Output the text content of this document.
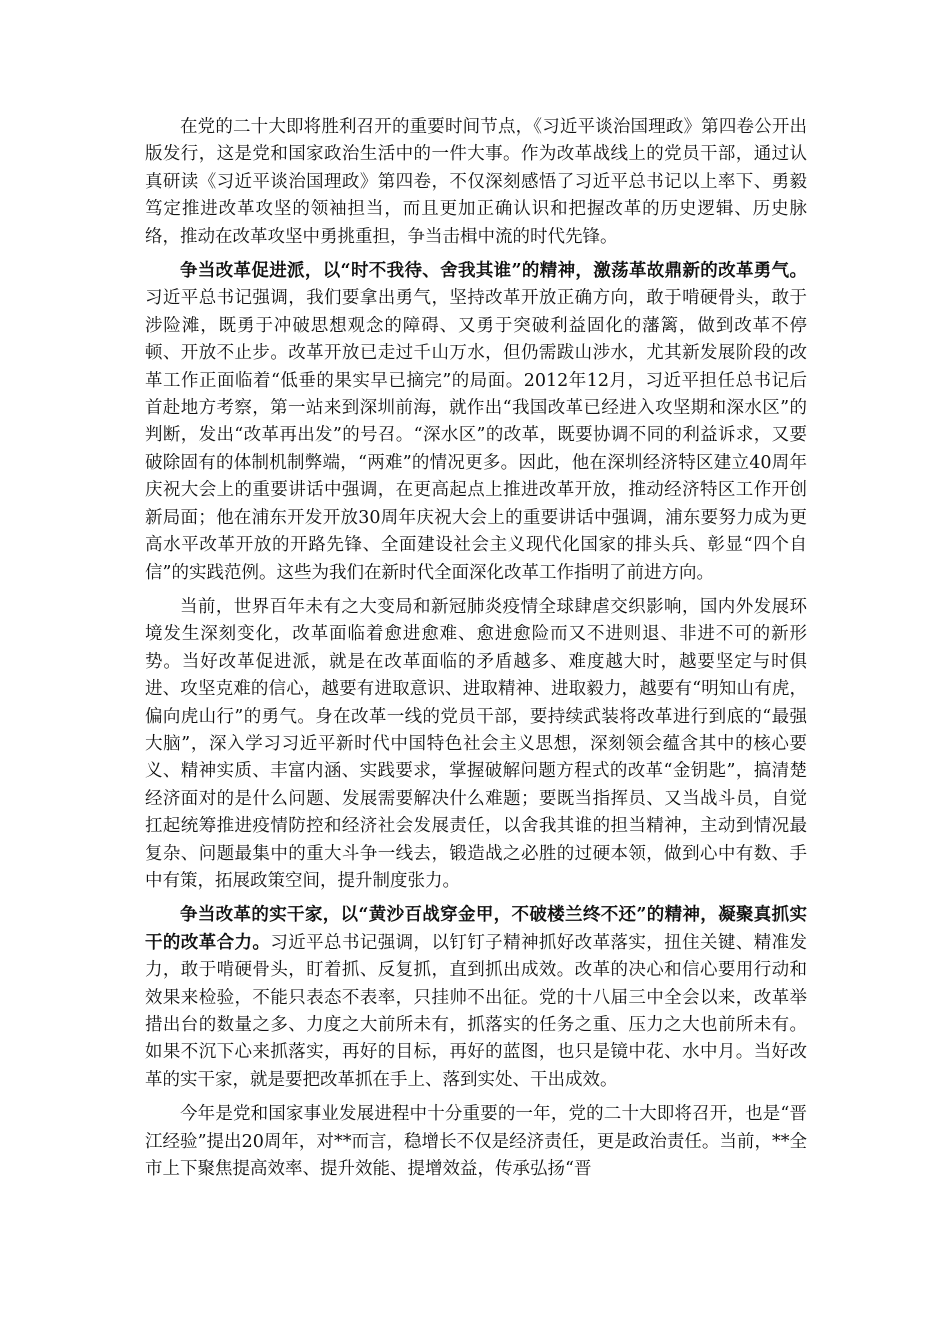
在党的二十大即将胜利召开的重要时间节点，《习近平谈治国理政》第四卷公开出版发行，这是党和国家政治生活中的一件大事。作为改革战线上的党员干部，通过认真研读《习近平谈治国理政》第四卷，不仅深刻感悟了习近平总书记以上率下、勇毅笃定推进改革攻坚的领袖担当，而且更加正确认识和把握改革的历史逻辑、历史脉络，推动在改革攻坚中勇挑重担，争当击楫中流的时代先锋。

争当改革促进派，以“时不我待、舍我其谁”的精神，激荡革故鼎新的改革勇气。习近平总书记强调，我们要拿出勇气，坚持改革开放正确方向，敢于啃硬骨头，敢于涉险滩，既勇于冲破思想观念的障碍、又勇于突破利益固化的藩篱，做到改革不停顿、开放不止步。改革开放已走过千山万水，但仍需跋山涉水，尤其新发展阶段的改革工作正面临着“低垂的果实早已摘完”的局面。2012年12月，习近平担任总书记后首赴地方考察，第一站来到深圳前海，就作出“我国改革已经进入攻坚期和深水区”的判断，发出“改革再出发”的号召。“深水区”的改革，既要协调不同的利益诉求，又要破除固有的体制机制弊端，“两难”的情况更多。因此，他在深圳经济特区建立40周年庆祝大会上的重要讲话中强调，在更高起点上推进改革开放，推动经济特区工作开创新局面；他在浦东开发开放30周年庆祝大会上的重要讲话中强调，浦东要努力成为更高水平改革开放的开路先锋、全面建设社会主义现代化国家的排头兵、彰显“四个自信”的实践范例。这些为我们在新时代全面深化改革工作指明了前进方向。

当前，世界百年未有之大变局和新冠肺炎疫情全球肆虐交织影响，国内外发展环境发生深刻变化，改革面临着愈进愈难、愈进愈险而又不进则退、非进不可的新形势。当好改革促进派，就是在改革面临的矛盾越多、难度越大时，越要坚定与时俱进、攻坚克难的信心，越要有进取意识、进取精神、进取毅力，越要有“明知山有虎，偏向虎山行”的勇气。身在改革一线的党员干部，要持续武装将改革进行到底的“最强大脑”，深入学习习近平新时代中国特色社会主义思想，深刻领会蕴含其中的核心要义、精神实质、丰富内涵、实践要求，掌握破解问题方程式的改革“金钥匙”，搞清楚经济面对的是什么问题、发展需要解决什么难题；要既当指挥员、又当战斗员，自觉扛起统筹推进疫情防控和经济社会发展责任，以舍我其谁的担当精神，主动到情况最复杂、问题最集中的重大斗争一线去，锻造战之必胜的过硬本领，做到心中有数、手中有策，拓展政策空间，提升制度张力。

争当改革的实干家，以“黄沙百战穿金甲，不破楼兰终不还”的精神，凝聚真抓实干的改革合力。习近平总书记强调，以钉钉子精神抓好改革落实，扭住关键、精准发力，敢于啃硬骨头，盯着抓、反复抓，直到抓出成效。改革的决心和信心要用行动和效果来检验，不能只表态不表率，只挂帅不出征。党的十八届三中全会以来，改革举措出台的数量之多、力度之大前所未有，抓落实的任务之重、压力之大也前所未有。如果不沉下心来抓落实，再好的目标，再好的蓝图，也只是镜中花、水中月。当好改革的实干家，就是要把改革抓在手上、落到实处、干出成效。

今年是党和国家事业发展进程中十分重要的一年，党的二十大即将召开，也是“晋江经验”提出20周年，对**而言，稳增长不仅是经济责任，更是政治责任。当前，**全市上下聚焦提高效率、提升效能、提增效益，传承弘扬“晋
